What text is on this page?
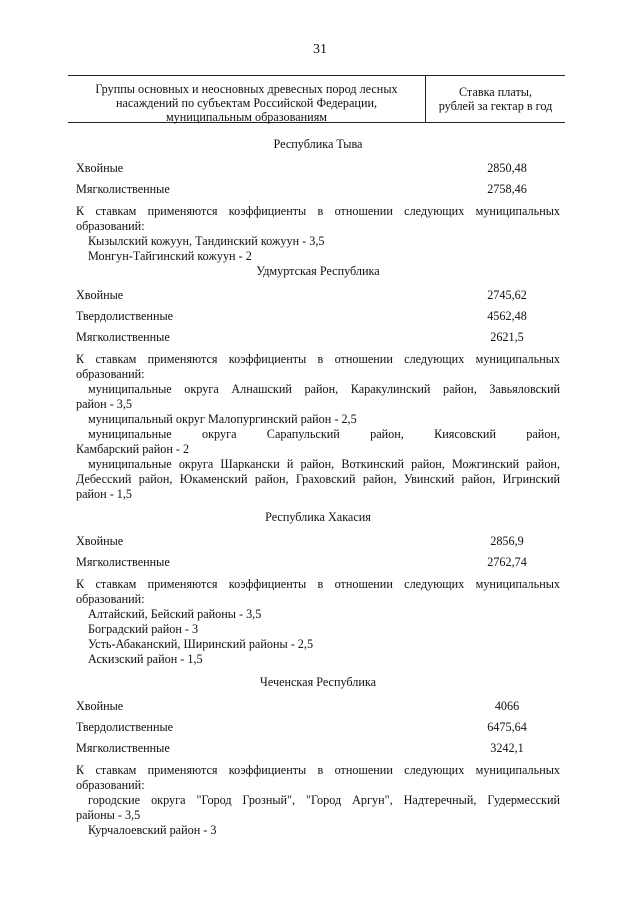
31
Группы основных и неосновных древесных пород лесных
насаждений по субъектам Российской Федерации,
муниципальным образованиям
Ставка платы,
рублей за гектар в год
Республика Тыва
Хвойные	2850,48
Мягколиственные	2758,46
К ставкам применяются коэффициенты в отношении следующих муниципальных
образований:
Кызылский кожуун, Тандинский кожуун - 3,5
Монгун-Тайгинский кожуун - 2
Удмуртская Республика
Хвойные	2745,62
Твердолиственные	4562,48
Мягколиственные	2621,5
К ставкам применяются коэффициенты в отношении следующих муниципальных
образований:
муниципальные округа Алнашский район, Каракулинский район, Завьяловский
район - 3,5
муниципальный округ Малопургинский район - 2,5
муниципальные округа Сарапульский район, Киясовский район,
Камбарский район - 2
муниципальные округа Шаркански й район, Воткинский район, Можгинский район,
Дебесский район, Юкаменский район, Граховский район, Увинский район, Игринский
район - 1,5
Республика Хакасия
Хвойные	2856,9
Мягколиственные	2762,74
К ставкам применяются коэффициенты в отношении следующих муниципальных
образований:
Алтайский, Бейский районы - 3,5
Боградский район - 3
Усть-Абаканский, Ширинский районы - 2,5
Аскизский район - 1,5
Чеченская Республика
Хвойные	4066
Твердолиственные	6475,64
Мягколиственные	3242,1
К ставкам применяются коэффициенты в отношении следующих муниципальных
образований:
городские округа "Город Грозный", "Город Аргун", Надтеречный, Гудермесский
районы - 3,5
Курчалоевский район - 3
